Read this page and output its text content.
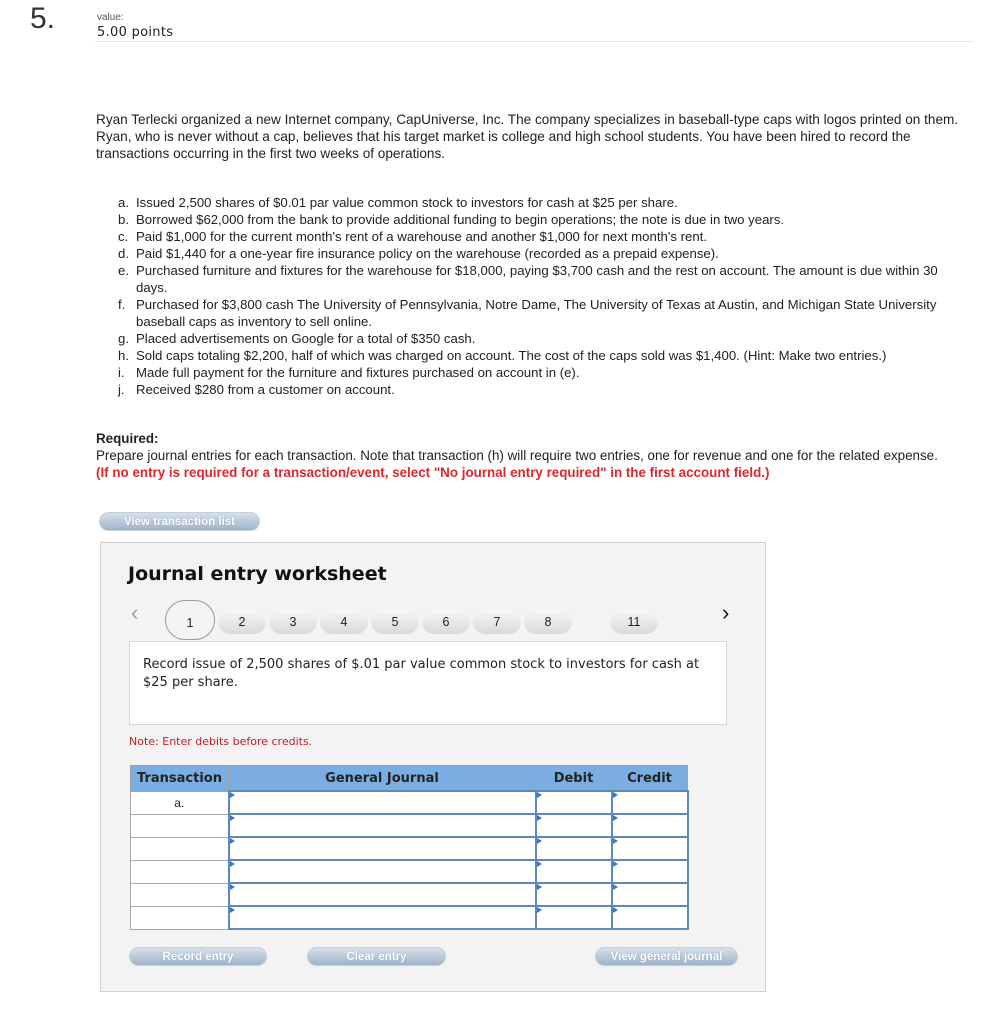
5.	value:
5.00 points
Ryan Terlecki organized a new Internet company, CapUniverse, Inc. The company specializes in baseball-type caps with logos printed on them. Ryan, who is never without a cap, believes that his target market is college and high school students. You have been hired to record the transactions occurring in the first two weeks of operations.
a. Issued 2,500 shares of $0.01 par value common stock to investors for cash at $25 per share.
b. Borrowed $62,000 from the bank to provide additional funding to begin operations; the note is due in two years.
c. Paid $1,000 for the current month's rent of a warehouse and another $1,000 for next month's rent.
d. Paid $1,440 for a one-year fire insurance policy on the warehouse (recorded as a prepaid expense).
e. Purchased furniture and fixtures for the warehouse for $18,000, paying $3,700 cash and the rest on account. The amount is due within 30 days.
f. Purchased for $3,800 cash The University of Pennsylvania, Notre Dame, The University of Texas at Austin, and Michigan State University baseball caps as inventory to sell online.
g. Placed advertisements on Google for a total of $350 cash.
h. Sold caps totaling $2,200, half of which was charged on account. The cost of the caps sold was $1,400. (Hint: Make two entries.)
i. Made full payment for the furniture and fixtures purchased on account in (e).
j. Received $280 from a customer on account.
Required:
Prepare journal entries for each transaction. Note that transaction (h) will require two entries, one for revenue and one for the related expense. (If no entry is required for a transaction/event, select "No journal entry required" in the first account field.)
View transaction list
Journal entry worksheet
‹	1	2	3	4	5	6	7	8	11	›
Record issue of 2,500 shares of $.01 par value common stock to investors for cash at $25 per share.
Note: Enter debits before credits.
Transaction	General Journal	Debit	Credit
a.			

Record entry	Clear entry	View general journal
